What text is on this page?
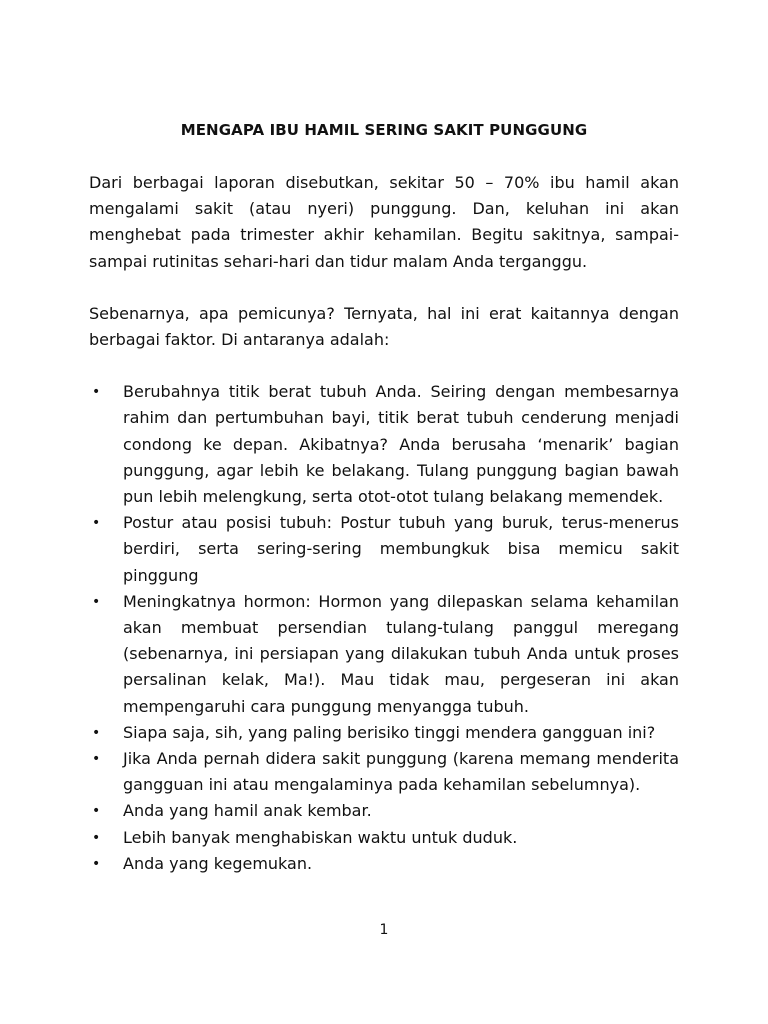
MENGAPA IBU HAMIL SERING SAKIT PUNGGUNG

Dari berbagai laporan disebutkan, sekitar 50 – 70% ibu hamil akan mengalami sakit (atau nyeri) punggung. Dan, keluhan ini akan menghebat pada trimester akhir kehamilan. Begitu sakitnya, sampai-sampai rutinitas sehari-hari dan tidur malam Anda terganggu.

Sebenarnya, apa pemicunya? Ternyata, hal ini erat kaitannya dengan berbagai faktor. Di antaranya adalah:

• Berubahnya titik berat tubuh Anda. Seiring dengan membesarnya rahim dan pertumbuhan bayi, titik berat tubuh cenderung menjadi condong ke depan. Akibatnya? Anda berusaha ‘menarik’ bagian punggung, agar lebih ke belakang. Tulang punggung bagian bawah pun lebih melengkung, serta otot-otot tulang belakang memendek.
• Postur atau posisi tubuh: Postur tubuh yang buruk, terus-menerus berdiri, serta sering-sering membungkuk bisa memicu sakit pinggung
• Meningkatnya hormon: Hormon yang dilepaskan selama kehamilan akan membuat persendian tulang-tulang panggul meregang (sebenarnya, ini persiapan yang dilakukan tubuh Anda untuk proses persalinan kelak, Ma!). Mau tidak mau, pergeseran ini akan mempengaruhi cara punggung menyangga tubuh.
• Siapa saja, sih, yang paling berisiko tinggi mendera gangguan ini?
• Jika Anda pernah didera sakit punggung (karena memang menderita gangguan ini atau mengalaminya pada kehamilan sebelumnya).
• Anda yang hamil anak kembar.
• Lebih banyak menghabiskan waktu untuk duduk.
• Anda yang kegemukan.
1
